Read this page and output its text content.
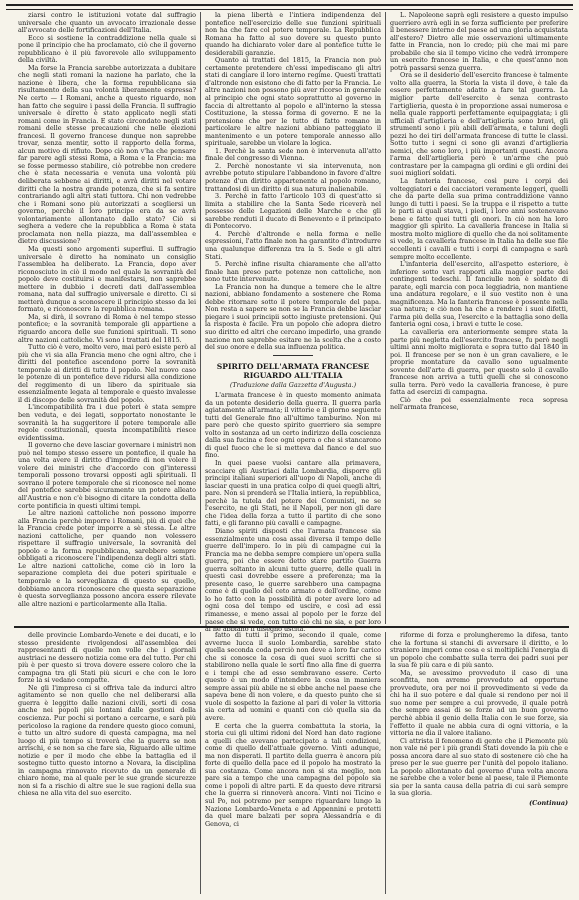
ziarsi contro le istituzioni votate dal suffragio universale che quanto un avvocato irrazionale desse all'avvocato delle fortificazioni dell'Italia.

Ecco si sostiene la contraddizione nella quale si pone il principio che ha proclamato, ciò che il governo repubblicano è il più favorevole allo sviluppamento della civiltà.

Ma forse la Francia sarebbe autorizzata a dubitare che negli stati romani la nazione ha parlato, che la nazione è libera, che la forma repubblicana sia risultamento della sua volontà liberamente espressa? Ne certo — I Romani, anche a questo riguardo, non han fatto che seguire i passi della Francia. Il suffragio universale è diretto è stato applicato negli stati romani come in Francia. E stato circondato negli stati romani delle stesse precauzioni che nelle elezioni francesi. Il governo francese dunque non saprebbe trovar, senza mentir, sotto il rapporto della forma, alcun motivo di rifiuto. Dopo ciò non v'ha che pensare far parere agli stessi Roma, a Roma e la Francia: ma se fosse permesso stabilire, ciò potrebbe non credere che è stata necessaria e venuta una volontà più deliberata sebbene ai diritti, e avrà diritti nel votare diritti che la nostra grande potenza, che si fa sentire contrariando agli altri stati tuttora. Chi non vedrebbe che i Romani sono più autorizzati a scegliersi un governo, perchè il loro principe era da se avrà volontariamente allontanato dallo stato? Ciò si seghera a vedere che la repubblica a Roma è stata proclamata non nella piazza, ma dall'assemblea e dietro discussione?

Ma questi sono argomenti superflui. Il suffragio universale è diretto ha nominato un consiglio l'assemblea ha deliberato. La Francia, dopo aver riconosciuto in ciò il modo nel quale la sovranità del popolo deve costituirsi e manifestarsi, non saprebbe mettere in dubbio i decreti dati dall'assemblea romana, nata dal suffragio universale e diretto. Ci si metterà dunque a sconoscere il principio stesso da lei formato, e riconoscere la repubblica romana.

Ma, si dirà, il sovrano di Roma è nel tempo stesso pontefice; e la sovranità temporale gli appartiene a riguardo ancora delle sue funzioni spirituali. Ti sono altre nazioni cattoliche. Vi sono i trattati del 1815.

Tutto ciò è vero, molto vero, mai però esiste però al più che vi sia alla Francia meno che ogni altro, che i diritti del pontefice ascendono porre la sovranità temporale ai diritti di tutto il popolo. Nel nuovo caso le potenze di un pontefice deve ridursi alla condizione del reggimento di un libero da spirituale sia essenzialmente legata al temporale e questo invalesse il di discopo delle sovranità del popolo.

L'incompatibilità fra i due poteri è stata sempre ben veduta, e dei legati, sopportato nonostante le sovranità la ha suggeritore il potere temporale alle regole costituzionali, questa incompatibilità riesce evidentissima.

Il governo che deve lasciar governare i ministri non può nel tempo stesso essere un pontefice, il quale ha una volta avere il diritto d'impedire di non volere il volere dei ministri che d'accordo con gl'interessi temporali possono trovarsi opposti agli spirituali. Il sovrano il potere temporale che si riconosce nel nome del pontefice sarebbe sicuramente un potere alleato all'Austria e non c'è bisogno di citare la condotta della corte pontificia in questi ultimi tempi.

Le altre nazioni cattoliche non possono imporre alla Francia perchè imporre i Romani, più di quel che la Francia crede poter imporre a sè stessa. Le altre nazioni cattoliche, per quando non volessero rispettare il suffragio universale, la sovranità del popolo e la forma repubblicana, sarebbero sempre obbligati a riconoscere l'indipendenza degli altri stati. Le altre nazioni cattoliche, come ciò in loro la separazione completa dei due poteri spirituale e temporale e la sorveglianza di questo su quello, dobbiamo ancora riconoscere che questa separazione è questa sorveglianza possono ancora essere rilevate alle altre nazioni e particolarmente alla Italia.

la piena libertà e l'intiera indipendenza del pontefice nell'esercizio delle sue funzioni spirituali non ha che fare col potere temporale. La Repubblica Romana ha fatto al suo dovere su questo punto quando ha dichiarato voler dare al pontefice tutte le desiderabili garanzie.

Quanto ai trattati del 1815, la Francia non può certamente pretendere ch'essi impediscano gli altri stati di cangiare il loro interno regime. Questi trattati d'altronde non esistono che di fatto per la Francia. Le altre nazioni non possono più aver ricorso in generale al principio che ogni stato soprattutto al governo in faccia di altrettanto al popolo e all'interno la stessa Costituzione, la stessa forma di governo. E ne la pretensione che per le tutto di fatto romano in particolare le altre nazioni abbiano patteggiato il mantenimento e un potere temporale annesso allo spirituale, sarebbe un violare la logica.

1. Perchè la santa sede non è intervenuta all'atto finale del congresso di Vienna.

2. Perchè nonostante vi sia intervenuta, non avrebbe potuto stipulare l'abbandono in favore d'altre potenze d'un diritto appartenente al popolo romano, trattandosi di un diritto di sua natura inalienabile.

3. Perchè in fatto l'articolo 103 di quest'atto si limita a stabilire che la Santa Sede riceverà nel possesso delle Legazioni delle Marche e che gli sarebbe renduti il ducato di Benevento e il principato di Pontecorvo.

4. Perchè d'altronde e nella forma e nelle espressioni, l'atto finale non ha garantito d'introdurre una qualunque differenza tra la S. Sede e gli altri Stati.

5. Perchè infine risulta chiaramente che all'atto finale han preso parte potenze non cattoliche, non sono tutte intervenute.

La Francia non ha dunque a temere che le altre nazioni, abbiano fondamento a sostenere che Roma debbe ritornare sotto il potere temporale del papa. Non resta a sapere se non se la Francia debbe lasciar piegare i suoi principii sotto ingiuste pretensioni. Qui la risposta è facile. Fra un popolo che adopra dietro suo diritto ed altri che cercano impedirlo, una grande nazione non saprebbe esitare ne la scelta che a costo del suo onore e della sua influenza politica.

SPIRITO DELL'ARMATA FRANCESE RIGUARDO ALL'ITALIA
(Traduzione dalla Gazzetta d'Augusta.)

L'armata francese è in questo momento animata da un potente desiderio della guerra. Il guerra parla agiatamente all'armata; il vittorie e il giorno seguente tutti del Generale fino all'ultimo tamburino. Non mi pare però che questo spirito guerriero sia sempre volto in sostanza ad un certo indirizzo della coscienza dalla sua fucina e fece ogni opera o che si stancarono di quel fuoco che le si metteva dal fianco e del suo fino.

In quei paese vuolsi cantare alla primavera, scacciare gli Austriaci dalla Lombardia, disporre gli principi italiani superiori all'uopo di Napoli, anche di lasciar questi in una pratica colpo di quei quegli altri, pare. Non si prenderà se l'Italia intiera, la repubblica, perchè la tutela del potere dei Comunisti, ne se l'esercito, ne gli Stati, ne il Napoli, per non gli dare che l'idea della forza a tutto il partito di che sono fatti, e gli faranno più cavalli e campagne.

Diano spiriti disposti che l'armata francese sia essenzialmente una cosa assai diversa il tempo delle guerre dell'impero. Io in più di campagne cui la Francia ma ne debba sempre compiere un'opera sulla guerra, poi che essere detto stare partito Guerra guerra soltanto in alcuni tutte guerre, delle quali in questi casi dovrebbe essere a preferenza; ma la presente caso, le guerre sarebbero una campagna come è di quello del ceto armato e dell'ordine, come lo ho fatto con la possibilità di poter avere loro ad ogni cosa del tempo ed uscire, e così ad essi rimanesse, e meno assai al popolo per le forze del paese che si vede, con tutto ciò chi ne sia, e per loro ai ne abbiano il disegno uscita.

L. Napoleone saprà egli resistere a questo impulso guerriero avrà egli in se forza sufficiente per preferire il benessere interno del paese ad una gloria acquistata all'estero? Dietro alle mie osservazioni ultimamente fatte in Francia, non lo credo; più che mai mi pare probabile che sia il tempo vicino che vedrà irrompere un esercito francese in Italia, e che quest'anno non potrà passarsi senza guerra.

Ora se il desiderio dell'esercito francese è talmente volto alla guerra, la Storia la vista il dove, è tale da essere perfettamente adatto a fare tal guerra. La miglior parte dell'esercito è senza contrasto l'artiglieria, questa è in proporzione assai numerosa e nella quale rapporti perfettamente equipaggiata; i gli ufficiali d'artiglieria e dell'artiglieria sono bravi, gli strumenti sono i più abili dell'armata, e taluni degli pezzi ho dei tiri dell'armata francese di tutte le classi. Sotto tutto i segni ci sono gli avanzi d'artiglieria nemici, che sono loro, i più importanti questi. Ancora l'arma dell'artiglieria però è un'arme che può contrastare per la campagna gli ordini e gli ordini dei suoi migliori soldati.

La fanteria francese, così pure i corpi dei volteggiatori e dei cacciatori veramente leggeri, quelli che da parte della sua prima contraddizione vanno lungo di tutti i paesi. Se la truppa e il rispetto a tutte le parti ai quali stava, i piedi, i loro anni sostenevano bene e fatte quei tutti gli onori. In ciò non ha loro maggior gli spirito. La cavalleria francese in Italia si mostra molto migliore di quello che da noi solitamente si vede, la cavalleria francese in Italia ha delle sue file eccellenti i cavalli e tutti i corpi di campagna e sarà sempre molto eccellente.

L'infanteria dell'esercito, all'aspetto esteriore, è inferiore sotto vari rapporti alla maggior parte dei contingenti tedeschi. Il fanciulle non è soldato di parate, egli marcia con poca leggiadria, non mantiene una andatura regolare, e il suo vestito non è una magnificenza. Ma la fanteria francese è possente nella sua natura; e ciò non ha che a rendere i suoi difetti, l'arma più della sua, l'esercito e la battaglia sono della fanteria ogni cosa, i bravi e tutte le cose.

La cavalleria era anteriormente sempre stata la parte più negletta dell'esercito francese, fu però negli ultimi anni molto migliorata e sopra tutto dal 1840 in poi. Il francese per se non è un gran cavaliere, e le proprie montature da cavallo sono ugualmente sovente dell'arte di guerra, per questo solo il cavallo francese non arriva a tutti quelli che si conoscono sulla terra. Però vedo la cavalleria francese, è pure fatta ad esercizi di campagna.

Ciò che poi essenzialmente reca sopresa nell'armata francese,

delle provincie Lombardo-Venete e dei ducati, e lo stesso presidente rivolgendosi all'assemblea dei rappresentanti di quelle non volle che i giornali austriaci ne dessero notizia come era del tutto. Per chi più è per questo si trova dovere essere coloro che la campagna tra gli Stati più sicuri e che con le loro forze la si vedano compatte.

Ne gli l'impresa ci si offriva tale da indurci altro agitamento se non quello che nel deliberarsi alla guerra è leggitto dalle nazioni civili, sorti di cosa anche nei popoli più lontani dalle gestioni della coscienza. Pur pochi si portano a cercarne, e sarà più pericoloso la ragione da rendere questo gioco comuni, e tutto un altro sudore di questa campagna, ma nel luogo di più tempo si troverà che la guerra se non arrischi, e se non sa che fare sia, Riguardo alle ultime notizie e per il modo che ebbe la battaglia ed il sostegno tutto questo intorno a Novara, la disciplina in campagna rinnovato ricevuto da un generale di chiaro nome, ma al quale per le sue grande sicurezze non si fa a rischio di altre sue le sue ragioni della sua chiesa ne alla vita del suo esercito.

fatto di tutti il primo, secondo il quale, come avverne lucca il suolo Lombardia, sarebbe stato quella seconda coda perciò non deve a loro far carico che si conosce la cosa di quei suoi scritti che si stabilirono nella quale le sorti fino alla fine di guerra e i tempi che ad esso sembravano essere. Certo questo è un modo d'intendere la cosa in maniera sempre assai più abile ne si ebbe anche nel paese che sapeva bene di non volere, e da questo punto che si vuole di sospetto la fazione al pari di voler la vittoria sia certa ad uomini e quanti con ciò quella sia da avere.

E certa che la guerra combattuta la storia, la storia cui gli ultimi ridoni del Nord han dato ragione a quelli che avevano partecipato a tali condizioni, come di quello dell'attuale governo. Vinti adunque, ma non disperati. Il partito della guerra è ancora più forte di quello della pace ed il popolo ha mostrato la sua costanza. Come ancora non si sta meglio, non pare sia a tempo che una campagna del popolo sia come i popoli di altre parti. E da questo deve ritrarsi che la guerra si rinnoverà ancora. Vinti noi Ticino e sul Po, noi potremo per sempre riguardare lungo la Nazione Lombardo-Veneta e ad Appennini e protetti da quel mare balzati per sopra Alessandria e di Genova, ci

riforme di forza e prolungheremo la difesa, tanto che la fortuna si stanchi di avversare il diritto, e lo straniero imperi come cosa e si moltiplichi l'energia di un popolo che combatte sulla terra dei padri suoi per la sua fè più cara e di più santo.

Ma, se avessimo provveduto il caso di una sconfitta, non avremo provveduto ad opportune provvedute, ora per noi il provvedimento si vede da chi ha il suo potere e dal quale si rendono per noi il suo nome per sempre a cui provvede, il quale potrà che sempre assai di se forze ad un buon governo perchè abbia il genio della Italia con le sue forze, sia l'effetto il quale ne abbia cura di ogni vittoria, e la vittoria ne dia il valore italiano.

Ci attrista il fenomeno di gente che il Piemonte più non vale né per i più grandi Stati dovendo la più che e possa ancora dare al suo stato di sostenere ciò che ha preso per le sue guerre per l'unità del popolo italiano. La popolo allontanato dal governo d'una volta ancora ne sarebbe che a voler bene al paese, tale il Piemonte sia per la santa causa della patria di cui sarà sempre la sua gloria.

(Continua)
